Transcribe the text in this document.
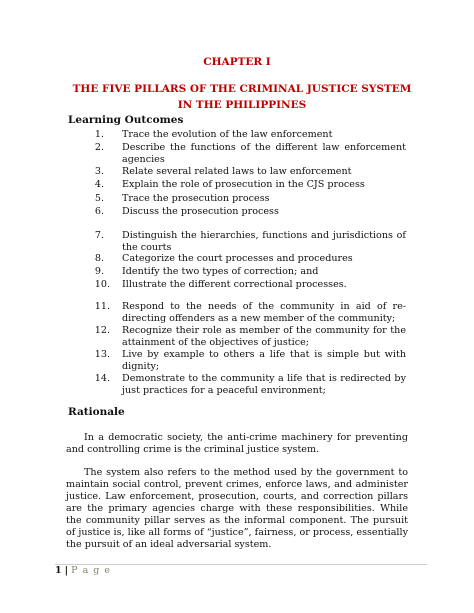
CHAPTER I
THE FIVE PILLARS OF THE CRIMINAL JUSTICE SYSTEM IN THE PHILIPPINES
Learning Outcomes
1. Trace the evolution of the law enforcement
2. Describe the functions of the different law enforcement agencies
3. Relate several related laws to law enforcement
4. Explain the role of prosecution in the CJS process
5. Trace the prosecution process
6. Discuss the prosecution process
7. Distinguish the hierarchies, functions and jurisdictions of the courts
8. Categorize the court processes and procedures
9. Identify the two types of correction; and
10. Illustrate the different correctional processes.
11. Respond to the needs of the community in aid of re-directing offenders as a new member of the community;
12. Recognize their role as member of the community for the attainment of the objectives of justice;
13. Live by example to others a life that is simple but with dignity;
14. Demonstrate to the community a life that is redirected by just practices for a peaceful environment;
Rationale

In a democratic society, the anti-crime machinery for preventing and controlling crime is the criminal justice system.

The system also refers to the method used by the government to maintain social control, prevent crimes, enforce laws, and administer justice. Law enforcement, prosecution, courts, and correction pillars are the primary agencies charge with these responsibilities. While the community pillar serves as the informal component. The pursuit of justice is, like all forms of “justice”, fairness, or process, essentially the pursuit of an ideal adversarial system.

1 | P a g e
